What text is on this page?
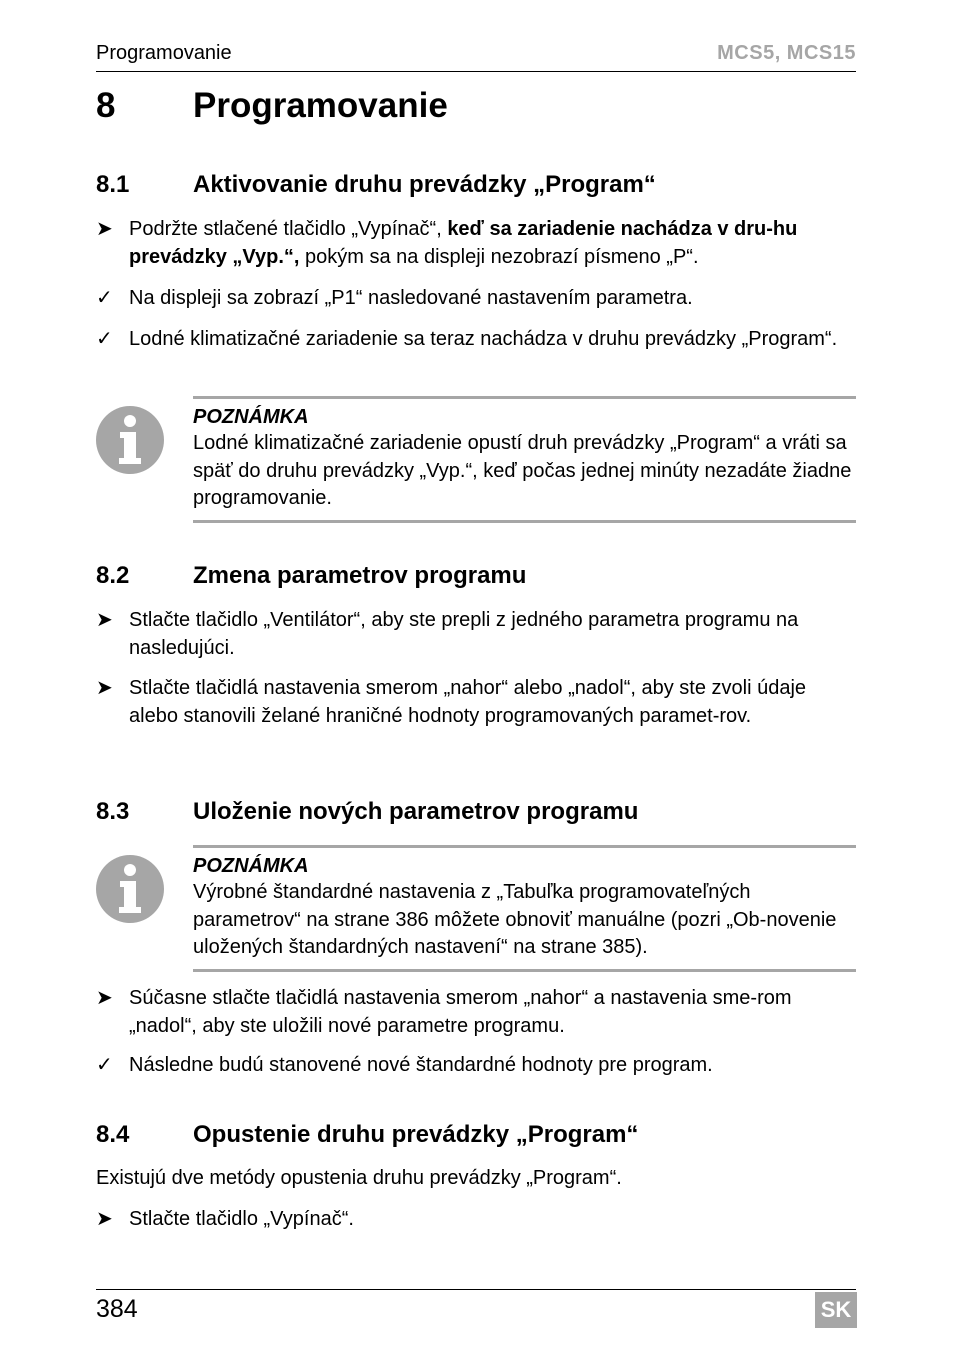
Programovanie	MCS5, MCS15
8 Programovanie
8.1	Aktivovanie druhu prevádzky „Program“
➤ Podržte stlačené tlačidlo „Vypínač“, keď sa zariadenie nachádza v dru-hu prevádzky „Vyp.“, pokým sa na displeji nezobrazí písmeno „P“.
✓ Na displeji sa zobrazí „P1“ nasledované nastavením parametra.
✓ Lodné klimatizačné zariadenie sa teraz nachádza v druhu prevádzky „Program“.
POZNÁMKA
Lodné klimatizačné zariadenie opustí druh prevádzky „Program“ a vráti sa späť do druhu prevádzky „Vyp.“, keď počas jednej minúty nezadáte žiadne programovanie.
8.2	Zmena parametrov programu
➤ Stlačte tlačidlo „Ventilátor“, aby ste prepli z jedného parametra programu na nasledujúci.
➤ Stlačte tlačidlá nastavenia smerom „nahor“ alebo „nadol“, aby ste zvoli údaje alebo stanovili želané hraničné hodnoty programovaných paramet-rov.
8.3	Uloženie nových parametrov programu
POZNÁMKA
Výrobné štandardné nastavenia z „Tabuľka programovateľných parametrov“ na strane 386 môžete obnoviť manuálne (pozri „Ob-novenie uložených štandardných nastavení“ na strane 385).
➤ Súčasne stlačte tlačidlá nastavenia smerom „nahor“ a nastavenia sme-rom „nadol“, aby ste uložili nové parametre programu.
✓ Následne budú stanovené nové štandardné hodnoty pre program.
8.4	Opustenie druhu prevádzky „Program“
Existujú dve metódy opustenia druhu prevádzky „Program“.
➤ Stlačte tlačidlo „Vypínač“.
384	SK
